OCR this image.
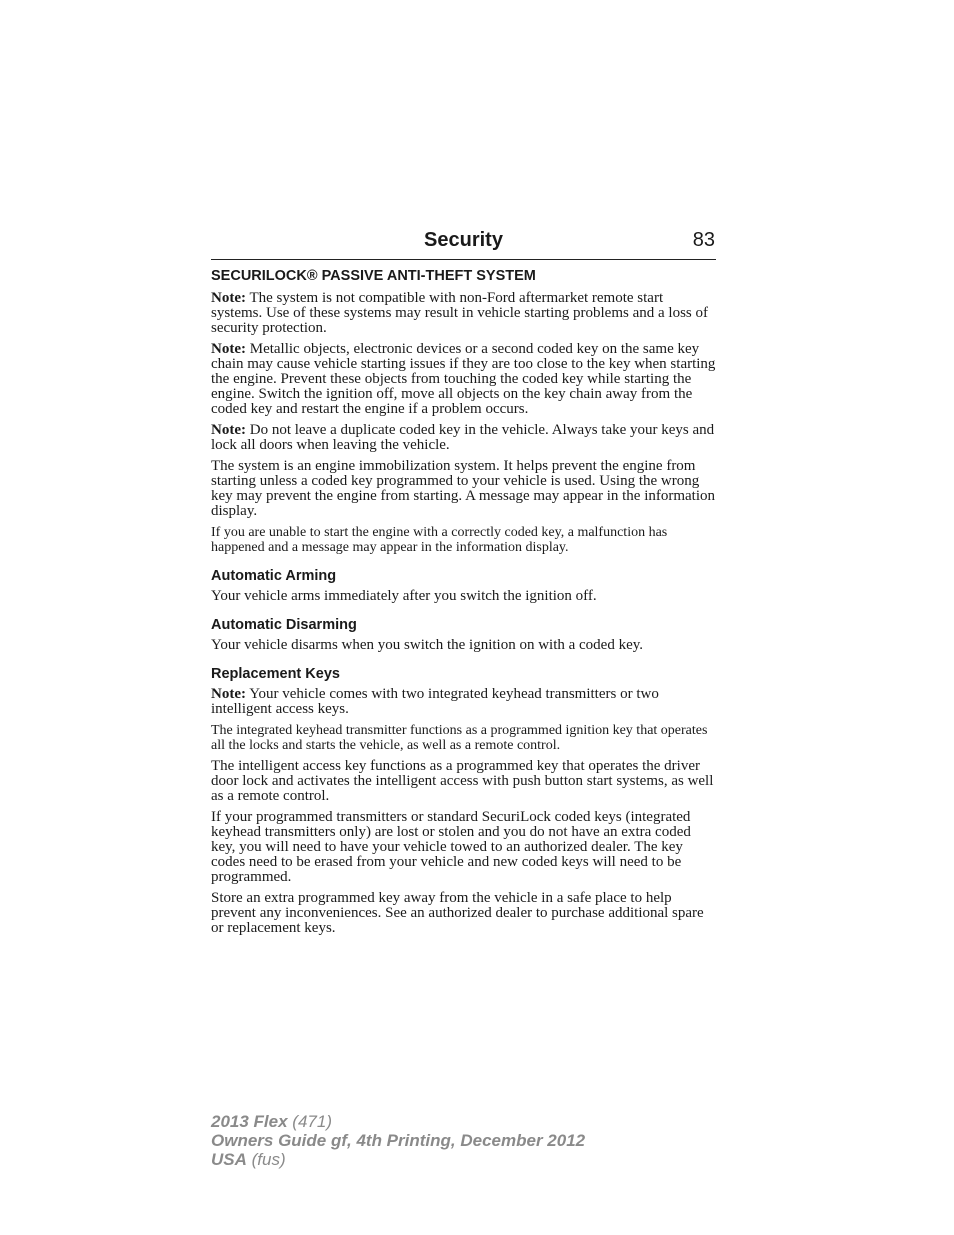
Security	83
SECURILOCK® PASSIVE ANTI-THEFT SYSTEM

Note: The system is not compatible with non-Ford aftermarket remote start systems. Use of these systems may result in vehicle starting problems and a loss of security protection.

Note: Metallic objects, electronic devices or a second coded key on the same key chain may cause vehicle starting issues if they are too close to the key when starting the engine. Prevent these objects from touching the coded key while starting the engine. Switch the ignition off, move all objects on the key chain away from the coded key and restart the engine if a problem occurs.

Note: Do not leave a duplicate coded key in the vehicle. Always take your keys and lock all doors when leaving the vehicle.

The system is an engine immobilization system. It helps prevent the engine from starting unless a coded key programmed to your vehicle is used. Using the wrong key may prevent the engine from starting. A message may appear in the information display.

If you are unable to start the engine with a correctly coded key, a malfunction has happened and a message may appear in the information display.

Automatic Arming

Your vehicle arms immediately after you switch the ignition off.

Automatic Disarming

Your vehicle disarms when you switch the ignition on with a coded key.

Replacement Keys

Note: Your vehicle comes with two integrated keyhead transmitters or two intelligent access keys.

The integrated keyhead transmitter functions as a programmed ignition key that operates all the locks and starts the vehicle, as well as a remote control.

The intelligent access key functions as a programmed key that operates the driver door lock and activates the intelligent access with push button start systems, as well as a remote control.

If your programmed transmitters or standard SecuriLock coded keys (integrated keyhead transmitters only) are lost or stolen and you do not have an extra coded key, you will need to have your vehicle towed to an authorized dealer. The key codes need to be erased from your vehicle and new coded keys will need to be programmed.

Store an extra programmed key away from the vehicle in a safe place to help prevent any inconveniences. See an authorized dealer to purchase additional spare or replacement keys.

2013 Flex (471)
Owners Guide gf, 4th Printing, December 2012
USA (fus)
